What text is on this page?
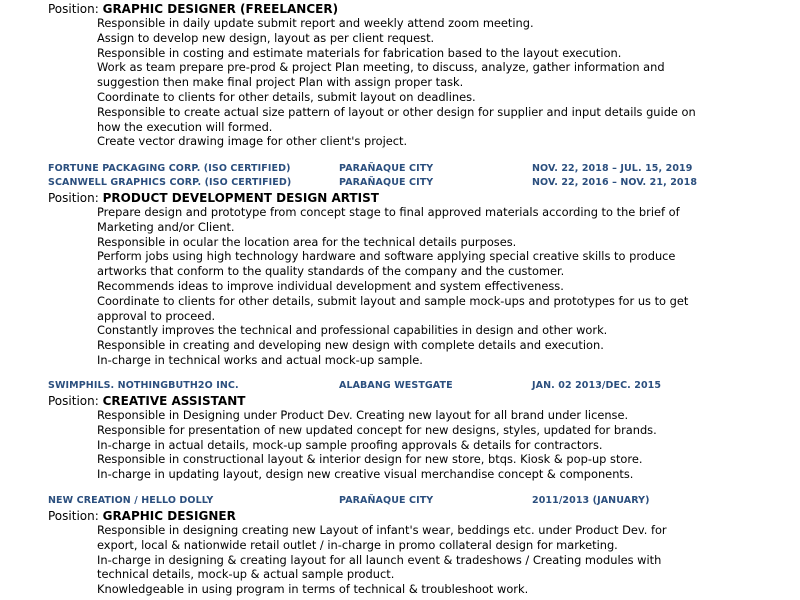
Position: GRAPHIC DESIGNER (FREELANCER)
Responsible in daily update submit report and weekly attend zoom meeting.
Assign to develop new design, layout as per client request.
Responsible in costing and estimate materials for fabrication based to the layout execution.
Work as team prepare pre-prod & project Plan meeting, to discuss, analyze, gather information and suggestion then make final project Plan with assign proper task.
Coordinate to clients for other details, submit layout on deadlines.
Responsible to create actual size pattern of layout or other design for supplier and input details guide on how the execution will formed.
Create vector drawing image for other client's project.
FORTUNE PACKAGING CORP. (ISO CERTIFIED)	PARAÑAQUE CITY	NOV. 22, 2018 – JUL. 15, 2019
SCANWELL GRAPHICS CORP. (ISO CERTIFIED)	PARAÑAQUE CITY	NOV. 22, 2016 – NOV. 21, 2018
Position: PRODUCT DEVELOPMENT DESIGN ARTIST
Prepare design and prototype from concept stage to final approved materials according to the brief of Marketing and/or Client.
Responsible in ocular the location area for the technical details purposes.
Perform jobs using high technology hardware and software applying special creative skills to produce artworks that conform to the quality standards of the company and the customer.
Recommends ideas to improve individual development and system effectiveness.
Coordinate to clients for other details, submit layout and sample mock-ups and prototypes for us to get approval to proceed.
Constantly improves the technical and professional capabilities in design and other work.
Responsible in creating and developing new design with complete details and execution.
In-charge in technical works and actual mock-up sample.
SWIMPHILS. NOTHINGBUTH2O INC.	ALABANG WESTGATE	JAN. 02 2013/DEC. 2015
Position: CREATIVE ASSISTANT
Responsible in Designing under Product Dev. Creating new layout for all brand under license.
Responsible for presentation of new updated concept for new designs, styles, updated for brands.
In-charge in actual details, mock-up sample proofing approvals & details for contractors.
Responsible in constructional layout & interior design for new store, btqs. Kiosk & pop-up store.
In-charge in updating layout, design new creative visual merchandise concept & components.
NEW CREATION / HELLO DOLLY	PARAÑAQUE CITY	2011/2013 (JANUARY)
Position: GRAPHIC DESIGNER
Responsible in designing creating new Layout of infant's wear, beddings etc. under Product Dev. for export, local & nationwide retail outlet / in-charge in promo collateral design for marketing.
In-charge in designing & creating layout for all launch event & tradeshows / Creating modules with technical details, mock-up & actual sample product.
Knowledgeable in using program in terms of technical & troubleshoot work.
